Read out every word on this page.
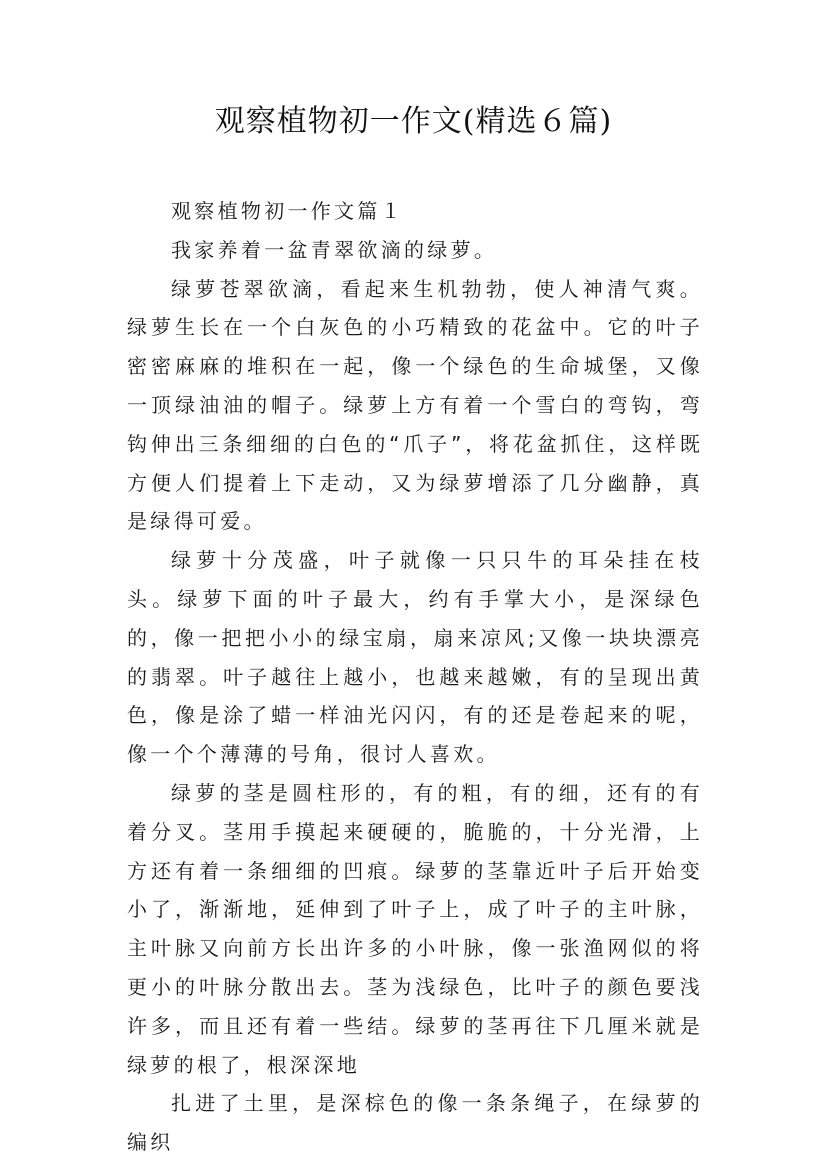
观察植物初一作文(精选６篇)

观察植物初一作文篇１

我家养着一盆青翠欲滴的绿萝。

绿萝苍翠欲滴，看起来生机勃勃，使人神清气爽。绿萝生长在一个白灰色的小巧精致的花盆中。它的叶子密密麻麻的堆积在一起，像一个绿色的生命城堡，又像一顶绿油油的帽子。绿萝上方有着一个雪白的弯钩，弯钩伸出三条细细的白色的“爪子”，将花盆抓住，这样既方便人们提着上下走动，又为绿萝增添了几分幽静，真是绿得可爱。

绿萝十分茂盛，叶子就像一只只牛的耳朵挂在枝头。绿萝下面的叶子最大，约有手掌大小，是深绿色的，像一把把小小的绿宝扇，扇来凉风;又像一块块漂亮的翡翠。叶子越往上越小，也越来越嫩，有的呈现出黄色，像是涂了蜡一样油光闪闪，有的还是卷起来的呢，像一个个薄薄的号角，很讨人喜欢。

绿萝的茎是圆柱形的，有的粗，有的细，还有的有着分叉。茎用手摸起来硬硬的，脆脆的，十分光滑，上方还有着一条细细的凹痕。绿萝的茎靠近叶子后开始变小了，渐渐地，延伸到了叶子上，成了叶子的主叶脉，主叶脉又向前方长出许多的小叶脉，像一张渔网似的将更小的叶脉分散出去。茎为浅绿色，比叶子的颜色要浅许多，而且还有着一些结。绿萝的茎再往下几厘米就是绿萝的根了，根深深地

扎进了土里，是深棕色的像一条条绳子，在绿萝的编织
